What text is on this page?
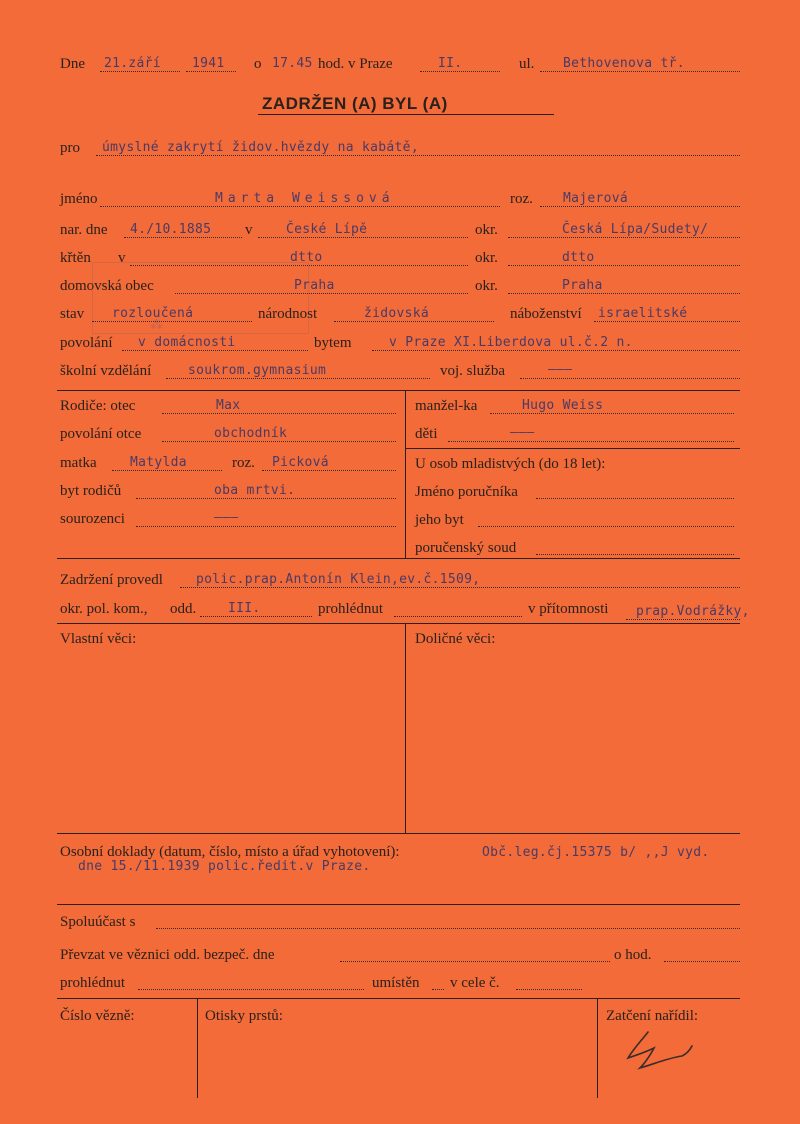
Dne 21.září 1941 o 17.45 hod. v Praze	II.	ul. Bethovenova tř.
ZADRŽEN (A) BYL (A)
pro úmyslné zakrytí židov.hvězdy na kabátě,
jméno	Marta Weissová	roz. Majerová
nar. dne 4./10.1885 v	České Lípě	okr.	Česká Lípa/Sudety/
křtěn v	dtto	okr.	dtto
domovská obec	Praha	okr.	Praha
stav rozloučená	národnost	židovská	náboženství israelitské
povolání v domácnosti	bytem	v Praze XI.Liberdova ul.č.2 n.
školní vzdělání	soukrom.gymnasium	voj. služba	———
⁂
Rodiče: otec	Max	manžel-ka	Hugo Weiss
povolání otce	obchodník	děti	———
matka	Matylda	roz. Picková	U osob mladistvých (do 18 let):
byt rodičů	oba mrtvi.	Jméno poručníka
sourozenci	———	jeho byt
poručenský soud
Zadržení provedl	polic.prap.Antonín Klein,ev.č.1509,
okr. pol. kom., odd. III.	prohlédnut	v přítomnosti prap.Vodrážky,
Vlastní věci:	Doličné věci:
Osobní doklady (datum, číslo, místo a úřad vyhotovení):	Obč.leg.čj.15375 b/ ,,J vyd.
dne 15./11.1939 polic.ředit.v Praze.
Spoluúčast s
Převzat ve věznici odd. bezpeč. dne	o hod.
prohlédnut	umístěn v cele č.
Číslo vězně:	Otisky prstů:	Zatčení nařídil:
